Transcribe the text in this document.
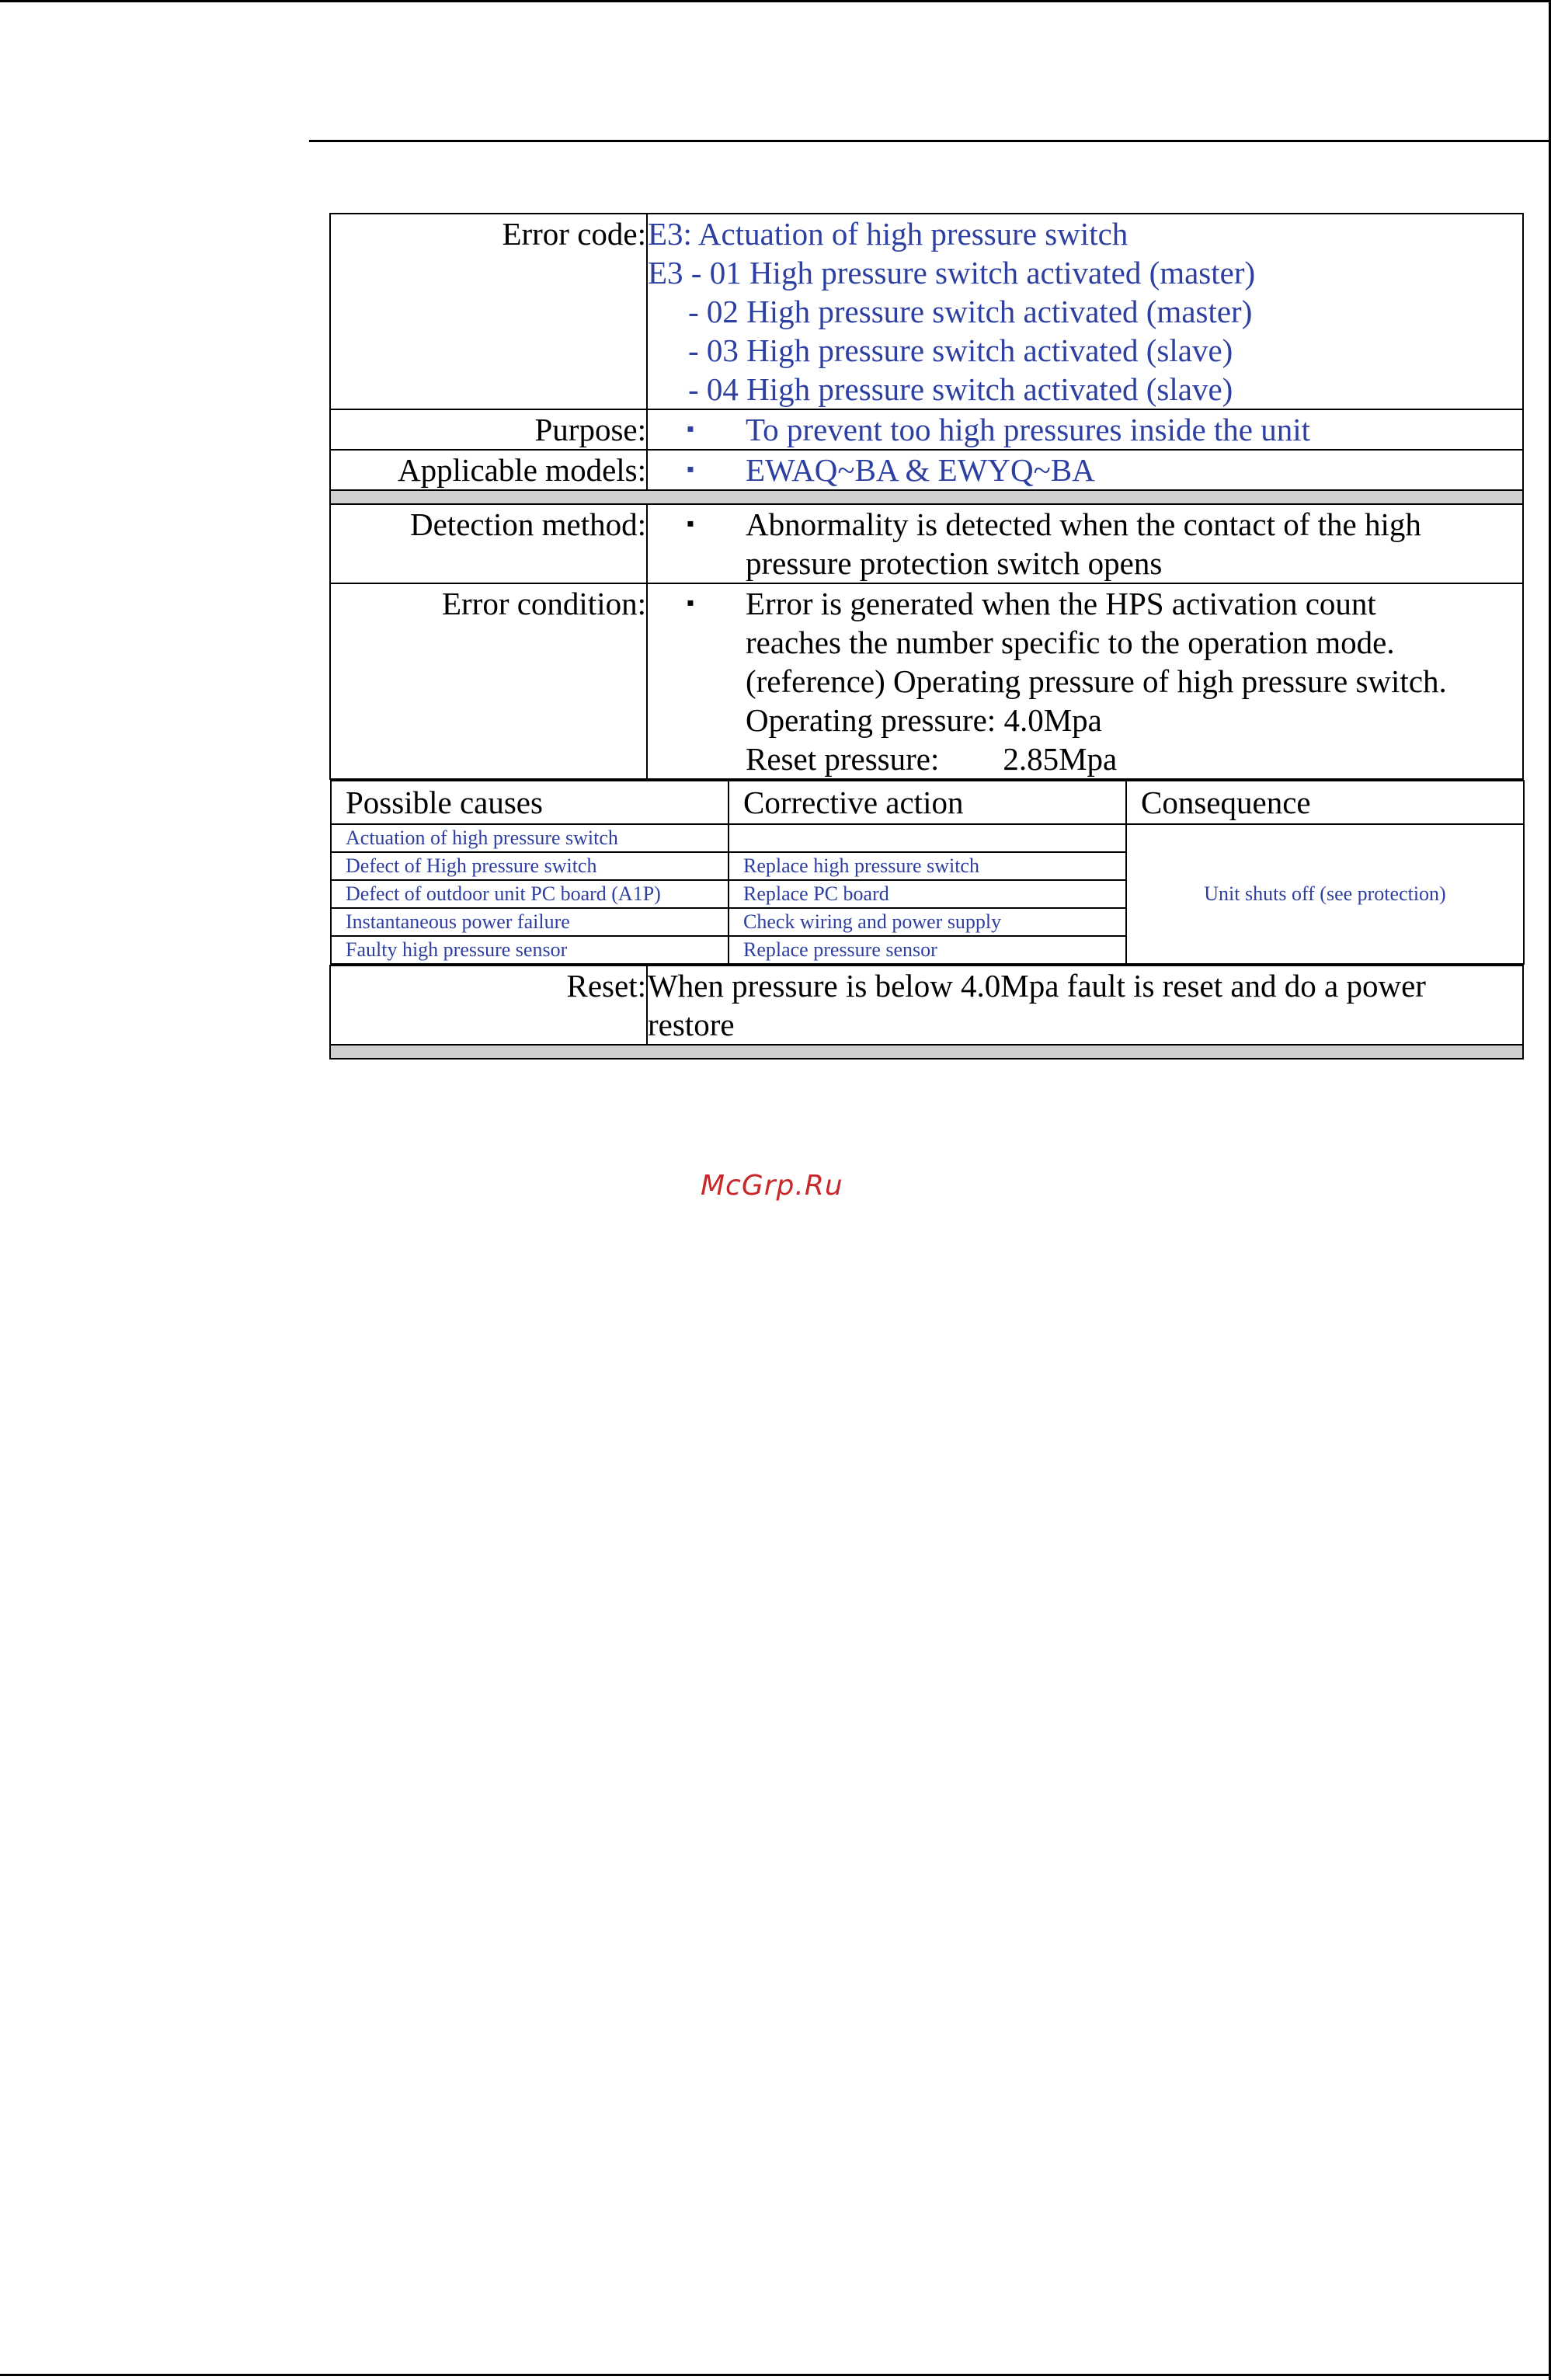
Error code:	E3: Actuation of high pressure switch
E3 - 01 High pressure switch activated (master)
- 02 High pressure switch activated (master)
- 03 High pressure switch activated (slave)
- 04 High pressure switch activated (slave)

Purpose:	▪	To prevent too high pressures inside the unit

Applicable models:	▪	EWAQ~BA & EWYQ~BA

Detection method:	▪	Abnormality is detected when the contact of the high
pressure protection switch opens

Error condition:	▪	Error is generated when the HPS activation count
reaches the number specific to the operation mode.
(reference) Operating pressure of high pressure switch.
Operating pressure: 4.0Mpa
Reset pressure:        2.85Mpa

Possible causes	Corrective action	Consequence
Actuation of high pressure switch		Unit shuts off (see protection)
Defect of High pressure switch	Replace high pressure switch
Defect of outdoor unit PC board (A1P)	Replace PC board
Instantaneous power failure	Check wiring and power supply
Faulty high pressure sensor	Replace pressure sensor

Reset:	When pressure is below 4.0Mpa fault is reset and do a power
restore

McGrp.Ru
